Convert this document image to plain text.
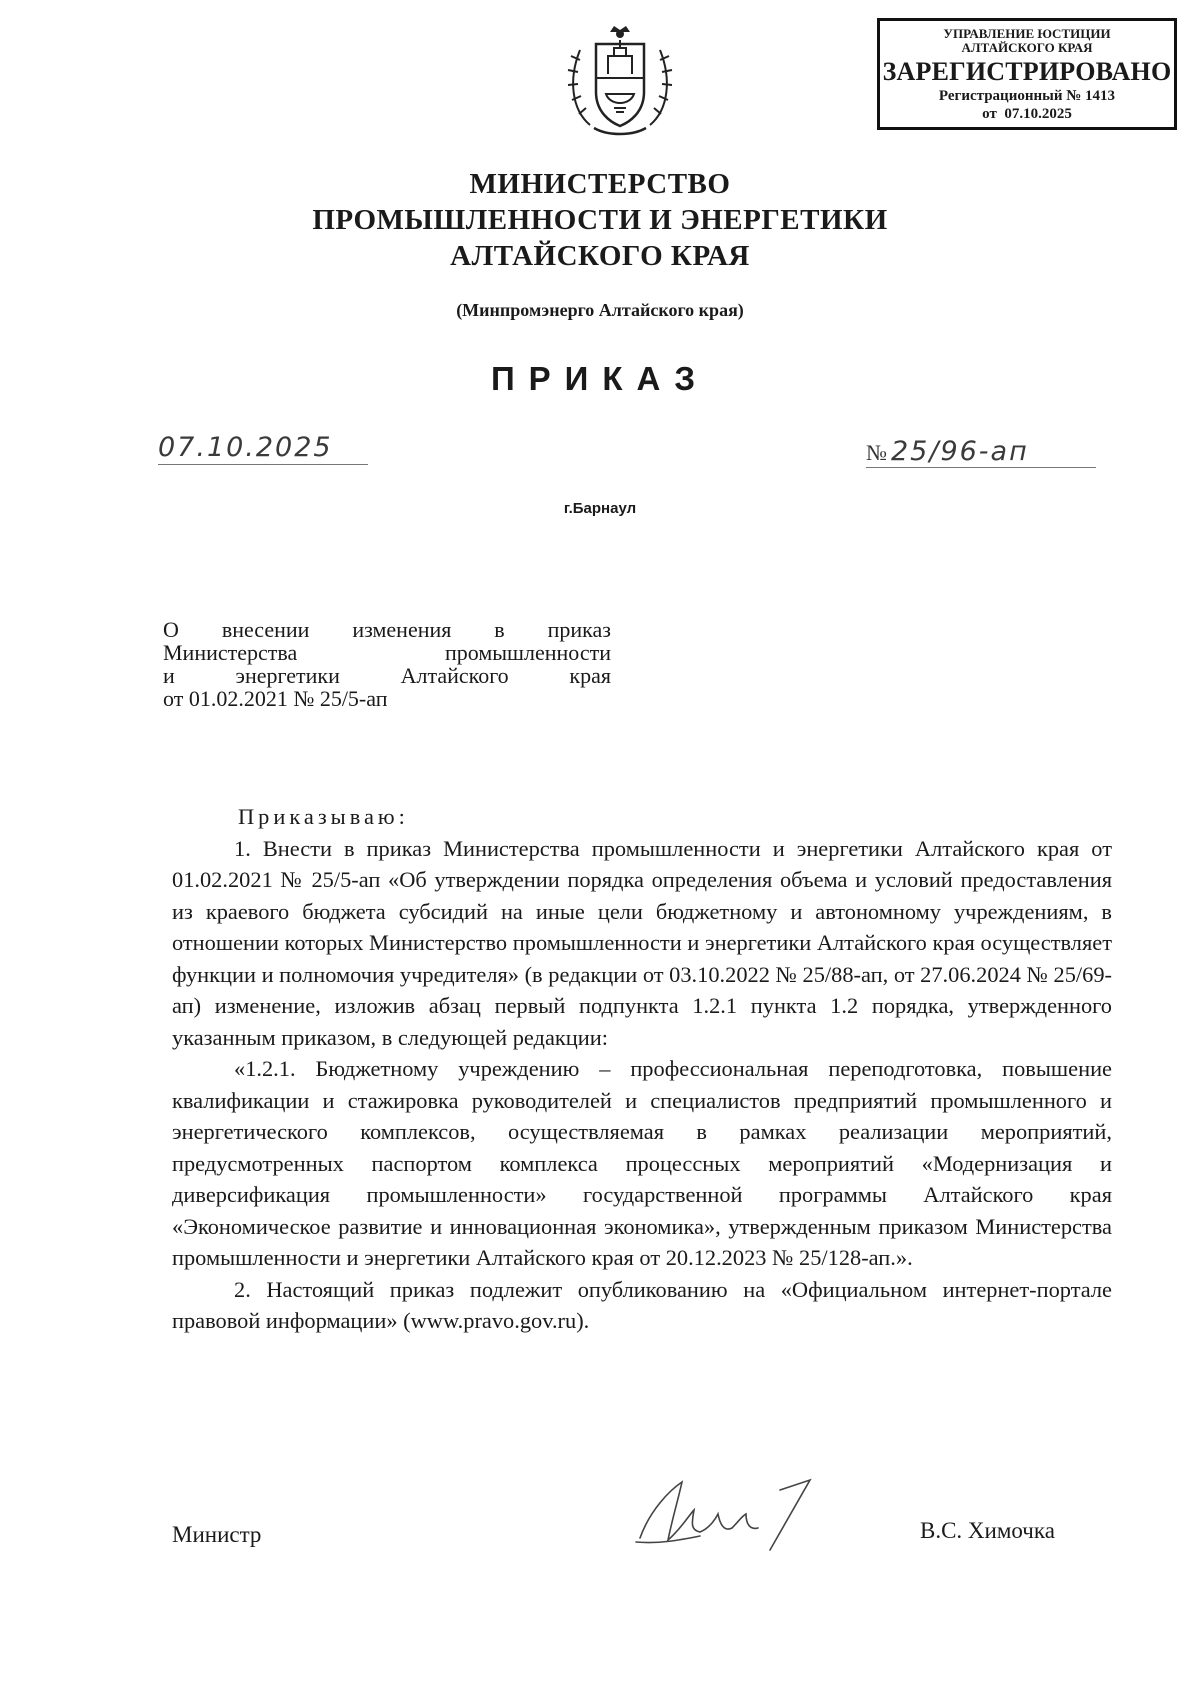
УПРАВЛЕНИЕ ЮСТИЦИИ
АЛТАЙСКОГО КРАЯ
ЗАРЕГИСТРИРОВАНО
Регистрационный № 1413
от  07.10.2025
МИНИСТЕРСТВО
ПРОМЫШЛЕННОСТИ И ЭНЕРГЕТИКИ
АЛТАЙСКОГО КРАЯ
(Минпромэнерго Алтайского края)
ПРИКАЗ
07.10.2025	№ 25/96-ап
г.Барнаул
О внесении изменения в приказ
Министерства промышленности
и энергетики Алтайского края
от 01.02.2021 № 25/5-ап

Приказываю:

1. Внести в приказ Министерства промышленности и энергетики Алтайского края от 01.02.2021 № 25/5-ап «Об утверждении порядка определения объема и условий предоставления из краевого бюджета субсидий на иные цели бюджетному и автономному учреждениям, в отношении которых Министерство промышленности и энергетики Алтайского края осуществляет функции и полномочия учредителя» (в редакции от 03.10.2022 № 25/88-ап, от 27.06.2024 № 25/69-ап) изменение, изложив абзац первый подпункта 1.2.1 пункта 1.2 порядка, утвержденного указанным приказом, в следующей редакции:

«1.2.1. Бюджетному учреждению – профессиональная переподготовка, повышение квалификации и стажировка руководителей и специалистов предприятий промышленного и энергетического комплексов, осуществляемая в рамках реализации мероприятий, предусмотренных паспортом комплекса процессных мероприятий «Модернизация и диверсификация промышленности» государственной программы Алтайского края «Экономическое развитие и инновационная экономика», утвержденным приказом Министерства промышленности и энергетики Алтайского края от 20.12.2023 № 25/128-ап.».

2. Настоящий приказ подлежит опубликованию на «Официальном интернет-портале правовой информации» (www.pravo.gov.ru).

Министр	В.С. Химочка
